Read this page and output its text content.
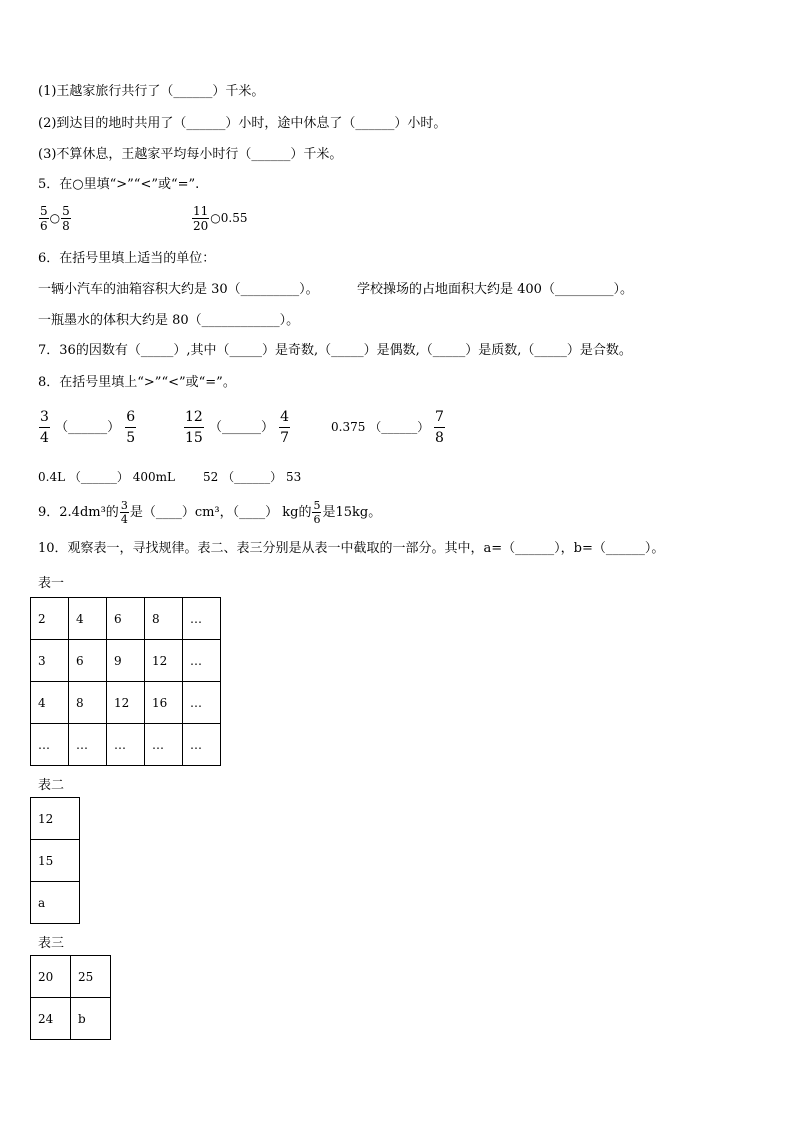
(1)王越家旅行共行了（______）千米。
(2)到达目的地时共用了（______）小时，途中休息了（______）小时。
(3)不算休息，王越家平均每小时行（______）千米。
5．在○里填“>”“<”或“=”.
$\frac{5}{6}$ ○ $\frac{5}{8}$	$\frac{11}{20}$ ○0.55
6．在括号里填上适当的单位：
一辆小汽车的油箱容积大约是 30（_________）。	学校操场的占地面积大约是 400（_________）。
一瓶墨水的体积大约是 80（____________）。
7．36的因数有（_____）,其中（_____）是奇数,（_____）是偶数,（_____）是质数,（_____）是合数。
8．在括号里填上“>”“<”或“=”。
$\frac{3}{4}$ （______） $\frac{6}{5}$	$\frac{12}{15}$ （______） $\frac{4}{7}$	0.375 （______） $\frac{7}{8}$
0.4L （______） 400mL 52 （______） 53
9．2.4dm³的 $\frac{3}{4}$ 是（____）cm³，（____） kg的 $\frac{5}{6}$ 是15kg。
10．观察表一，寻找规律。表二、表三分别是从表一中截取的一部分。其中，a=（______），b=（______）。
表一
2	4	6	8	…
3	6	9	12	…
4	8	12	16	…
…	…	…	…	…
表二
12
15
a
表三
20	25
24	b
